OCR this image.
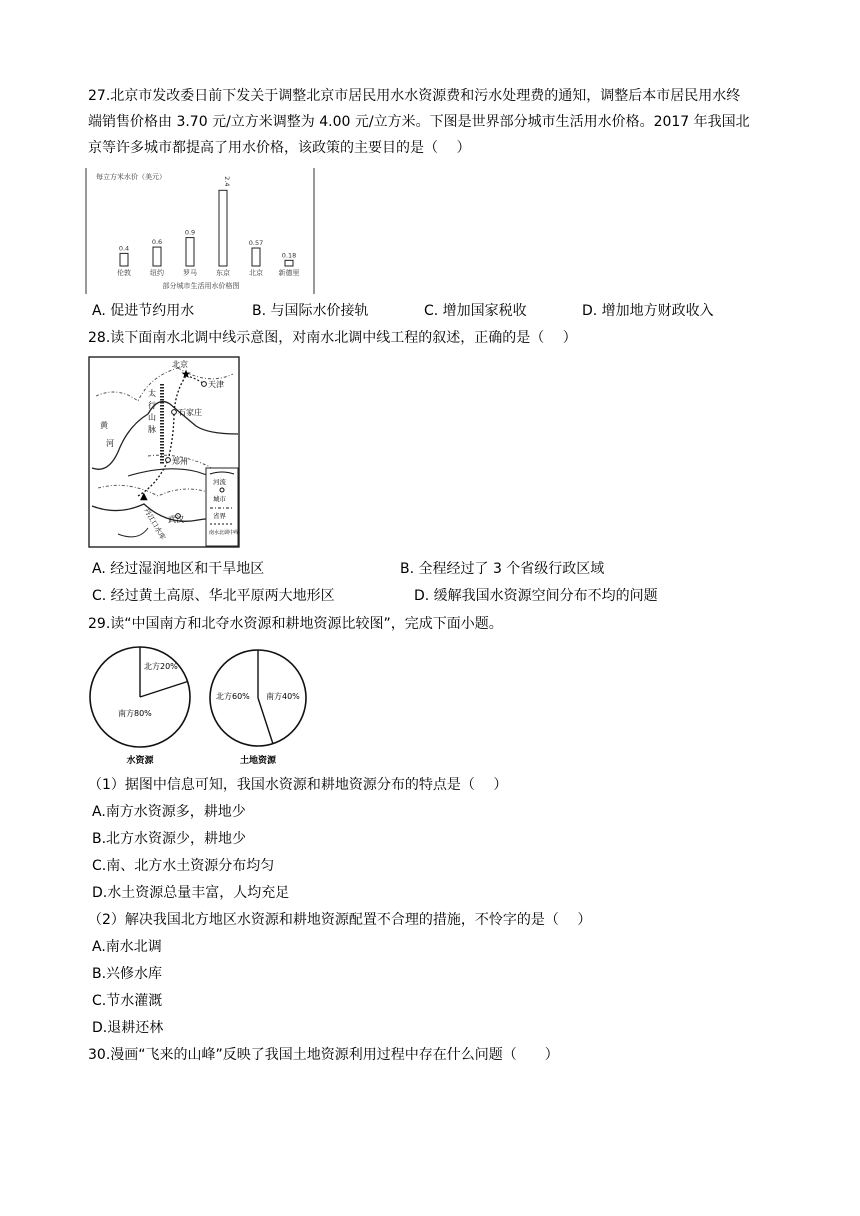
27.北京市发改委日前下发关于调整北京市居民用水水资源费和污水处理费的通知，调整后本市居民用水终
端销售价格由 3.70 元/立方米调整为 4.00 元/立方米。下图是世界部分城市生活用水价格。2017 年我国北
京等许多城市都提高了用水价格，该政策的主要目的是（　 ）
每立方米水价（美元）
0.4
伦敦
0.6
纽约
0.9
罗马
2.4
东京
0.57
北京
0.18
新德里
部分城市生活用水价格图
A. 促进节约用水	B. 与国际水价接轨	C. 增加国家税收	D. 增加地方财政收入
28.读下面南水北调中线示意图，对南水北调中线工程的叙述，正确的是（　 ）
★
北京
天津
石家庄
郑州
武汉
▲
丹江口水库
太
行
山
脉
黄
河
河流
城市
省界
南水北调中线
A. 经过湿润地区和干旱地区	B. 全程经过了 3 个省级行政区域
C. 经过黄土高原、华北平原两大地形区	D. 缓解我国水资源空间分布不均的问题
29.读“中国南方和北夺水资源和耕地资源比较图”，完成下面小题。
北方20%
南方80%
水资源
北方60% 南方40%
土地资源
（1）据图中信息可知，我国水资源和耕地资源分布的特点是（　 ）
A.南方水资源多，耕地少
B.北方水资源少，耕地少
C.南、北方水土资源分布均匀
D.水土资源总量丰富，人均充足
（2）解决我国北方地区水资源和耕地资源配置不合理的措施，不怜字的是（　 ）
A.南水北调
B.兴修水库
C.节水灌溉
D.退耕还林
30.漫画“飞来的山峰”反映了我国土地资源利用过程中存在什么问题（　　）
